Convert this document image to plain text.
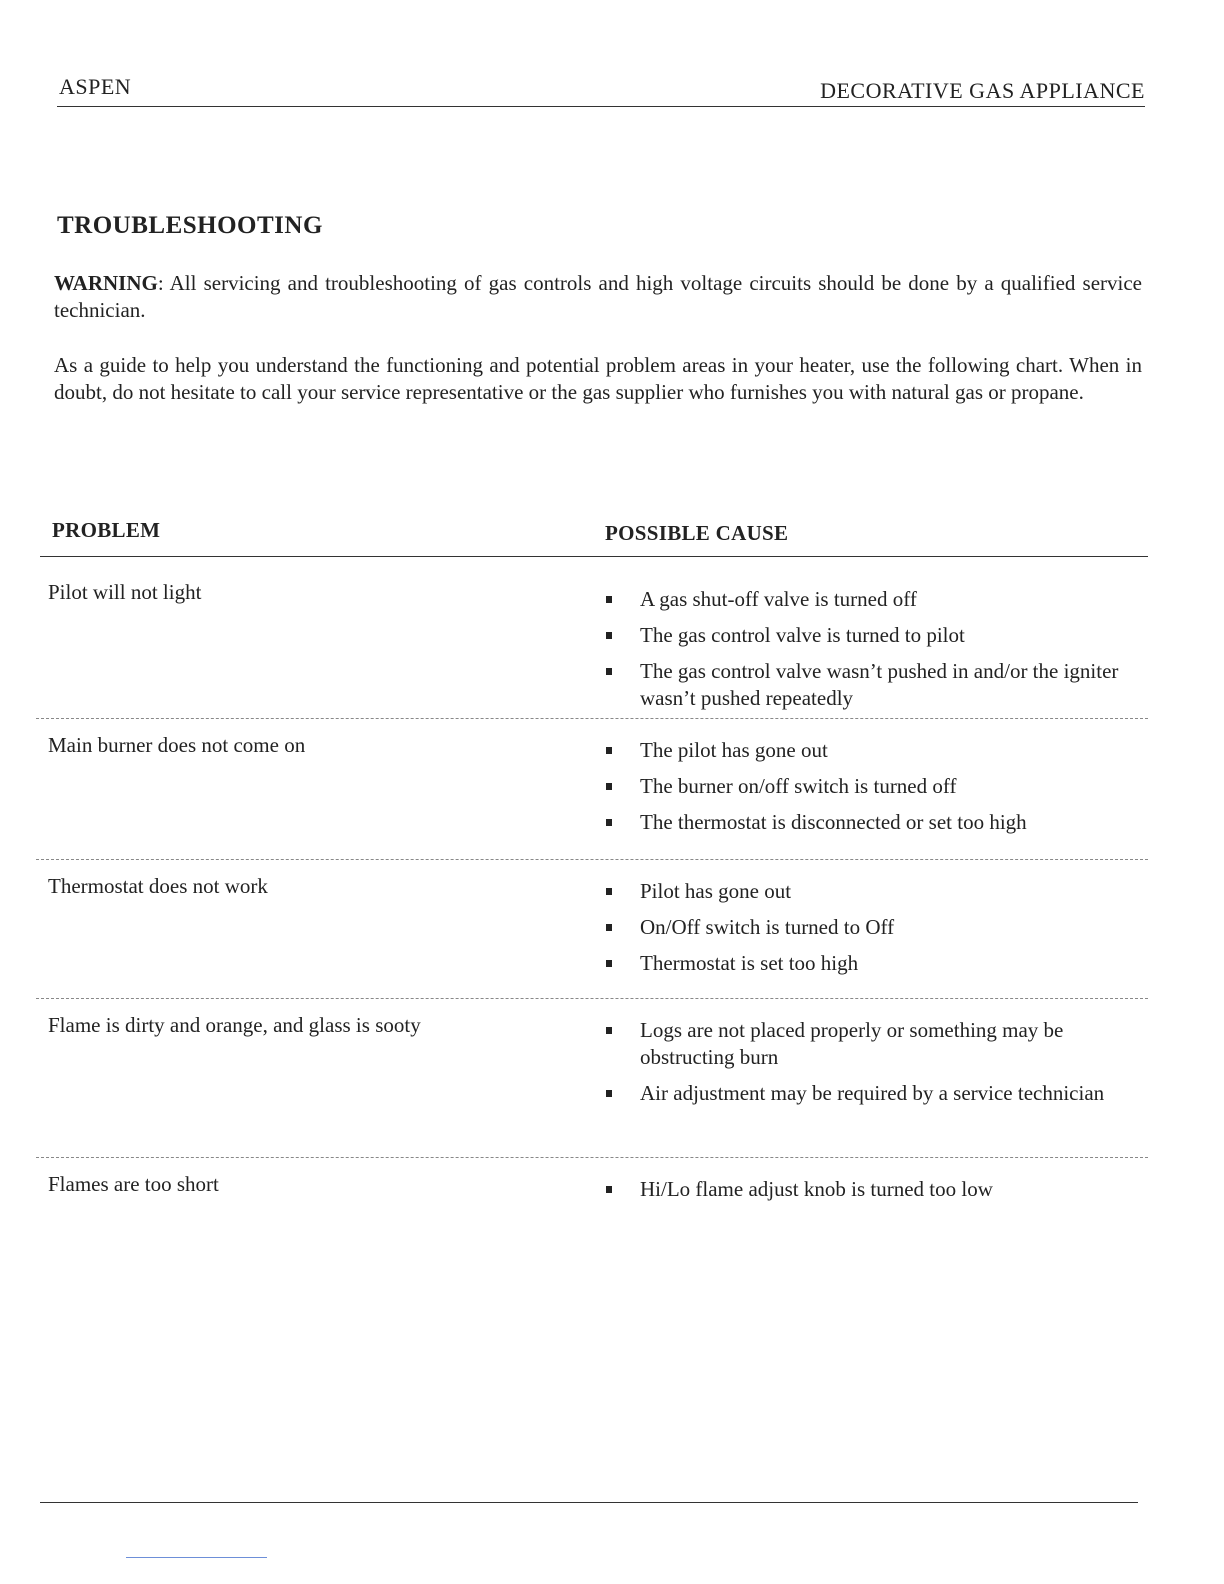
ASPEN	DECORATIVE GAS APPLIANCE
TROUBLESHOOTING
WARNING: All servicing and troubleshooting of gas controls and high voltage circuits should be done by a qualified service technician.
As a guide to help you understand the functioning and potential problem areas in your heater, use the following chart. When in doubt, do not hesitate to call your service representative or the gas supplier who furnishes you with natural gas or propane.
PROBLEM	POSSIBLE CAUSE
Pilot will not light	A gas shut-off valve is turned off
The gas control valve is turned to pilot
The gas control valve wasn’t pushed in and/or the igniter wasn’t pushed repeatedly
Main burner does not come on	The pilot has gone out
The burner on/off switch is turned off
The thermostat is disconnected or set too high
Thermostat does not work	Pilot has gone out
On/Off switch is turned to Off
Thermostat is set too high
Flame is dirty and orange, and glass is sooty	Logs are not placed properly or something may be obstructing burn
Air adjustment may be required by a service technician
Flames are too short	Hi/Lo flame adjust knob is turned too low
